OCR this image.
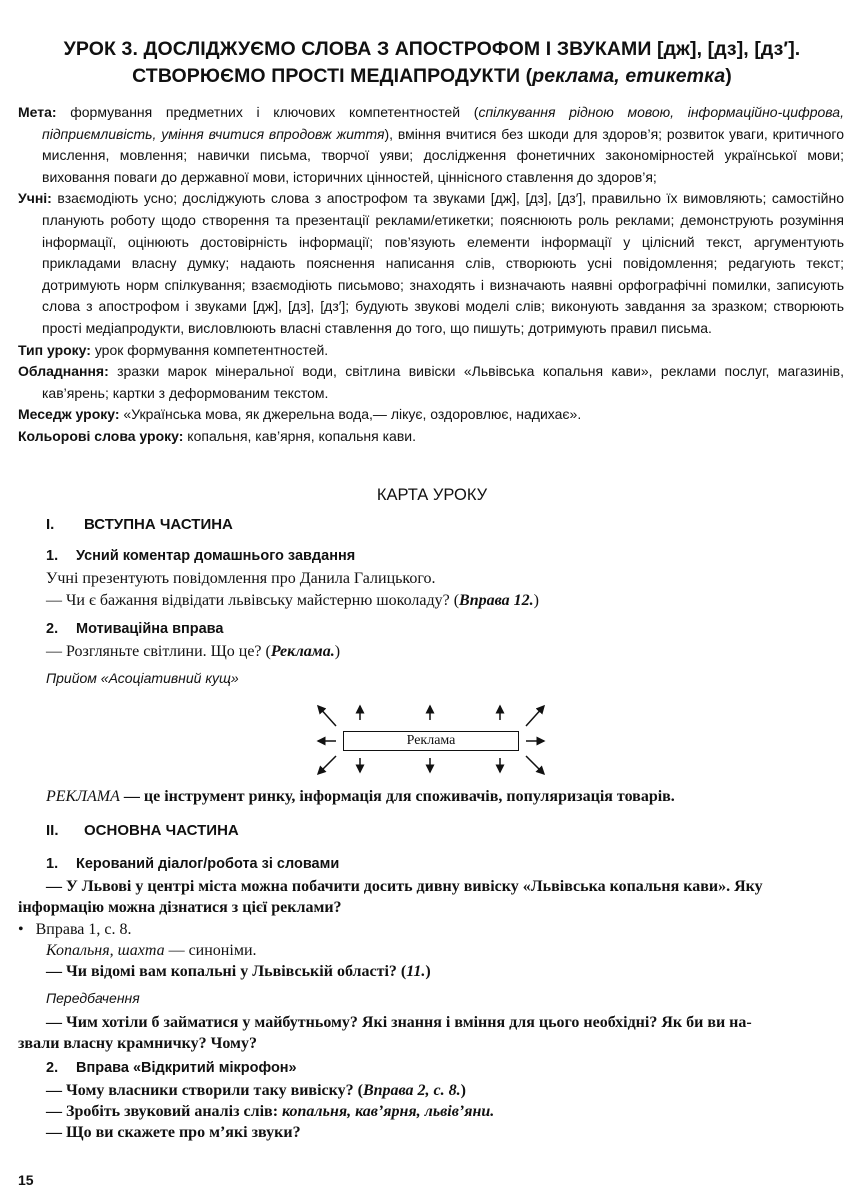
УРОК 3. ДОСЛІДЖУЄМО СЛОВА З АПОСТРОФОМ І ЗВУКАМИ [дж], [дз], [дз′].
СТВОРЮЄМО ПРОСТІ МЕДІАПРОДУКТИ (реклама, етикетка)

Мета: формування предметних і ключових компетентностей (спілкування рідною мовою, інформаційно-цифрова, підприємливість, уміння вчитися впродовж життя), вміння вчитися без шкоди для здоров’я; розвиток уваги, критичного мислення, мовлення; навички письма, творчої уяви; дослідження фонетичних закономірностей української мови; виховання поваги до державної мови, історичних цінностей, ціннісного ставлення до здоров’я;

Учні: взаємодіють усно; досліджують слова з апострофом та звуками [дж], [дз], [дз′], правильно їх вимовляють; самостійно планують роботу щодо створення та презентації реклами/етикетки; пояснюють роль реклами; демонструють розуміння інформації, оцінюють достовірність інформації; пов’язують елементи інформації у цілісний текст, аргументують прикладами власну думку; надають пояснення написання слів, створюють усні повідомлення; редагують текст; дотримують норм спілкування; взаємодіють письмово; знаходять і визначають наявні орфографічні помилки, записують слова з апострофом і звуками [дж], [дз], [дз′]; будують звукові моделі слів; виконують завдання за зразком; створюють прості медіапродукти, висловлюють власні ставлення до того, що пишуть; дотримують правил письма.

Тип уроку: урок формування компетентностей.

Обладнання: зразки марок мінеральної води, світлина вивіски «Львівська копальня кави», реклами послуг, магазинів, кав’ярень; картки з деформованим текстом.

Меседж уроку: «Українська мова, як джерельна вода,— лікує, оздоровлює, надихає».

Кольорові слова уроку: копальня, кав’ярня, копальня кави.

КАРТА УРОКУ
I. ВСТУПНА ЧАСТИНА
1. Усний коментар домашнього завдання
Учні презентують повідомлення про Данила Галицького.
— Чи є бажання відвідати львівську майстерню шоколаду? (Вправа 12.)
2. Мотиваційна вправа
— Розгляньте світлини. Що це? (Реклама.)
Прийом «Асоціативний кущ»
Реклама
РЕКЛАМА — це інструмент ринку, інформація для споживачів, популяризація товарів.
II. ОСНОВНА ЧАСТИНА
1. Керований діалог/робота зі словами
— У Львові у центрі міста можна побачити досить дивну вивіску «Львівська копальня кави». Яку
інформацію можна дізнатися з цієї реклами?
•   Вправа 1, с. 8.
Копальня, шахта — синоніми.
— Чи відомі вам копальні у Львівській області? (11.)
Передбачення
— Чим хотіли б займатися у майбутньому? Які знання і вміння для цього необхідні? Як би ви на-
звали власну крамничку? Чому?
2. Вправа «Відкритий мікрофон»
— Чому власники створили таку вивіску? (Вправа 2, с. 8.)
— Зробіть звуковий аналіз слів: копальня, кав’ярня, львів’яни.
— Що ви скажете про м’які звуки?
15
